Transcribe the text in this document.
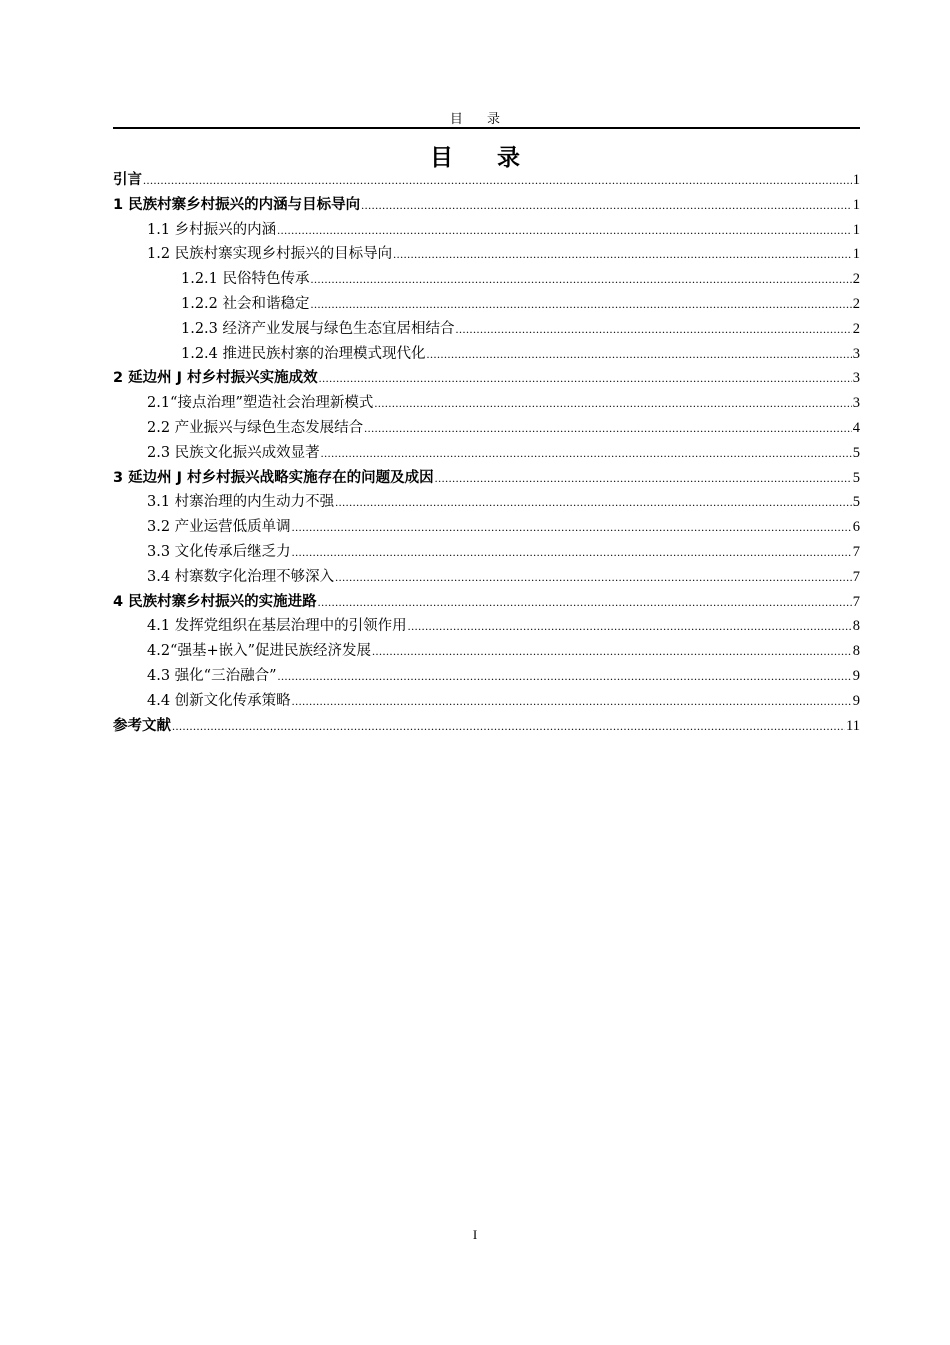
目 录
目 录
引言 .....	1
1 民族村寨乡村振兴的内涵与目标导向 .....	1
1.1 乡村振兴的内涵 .....	1
1.2 民族村寨实现乡村振兴的目标导向 .....	1
1.2.1 民俗特色传承 .....	2
1.2.2 社会和谐稳定 .....	2
1.2.3 经济产业发展与绿色生态宜居相结合 .....	2
1.2.4 推进民族村寨的治理模式现代化 .....	3
2 延边州 J 村乡村振兴实施成效 .....	3
2.1“接点治理”塑造社会治理新模式 .....	3
2.2 产业振兴与绿色生态发展结合 .....	4
2.3 民族文化振兴成效显著 .....	5
3 延边州 J 村乡村振兴战略实施存在的问题及成因 .....	5
3.1 村寨治理的内生动力不强 .....	5
3.2 产业运营低质单调 .....	6
3.3 文化传承后继乏力 .....	7
3.4 村寨数字化治理不够深入 .....	7
4 民族村寨乡村振兴的实施进路 .....	7
4.1 发挥党组织在基层治理中的引领作用 .....	8
4.2“强基+嵌入”促进民族经济发展 .....	8
4.3 强化“三治融合” .....	9
4.4 创新文化传承策略 .....	9
参考文献 .....	11
I
